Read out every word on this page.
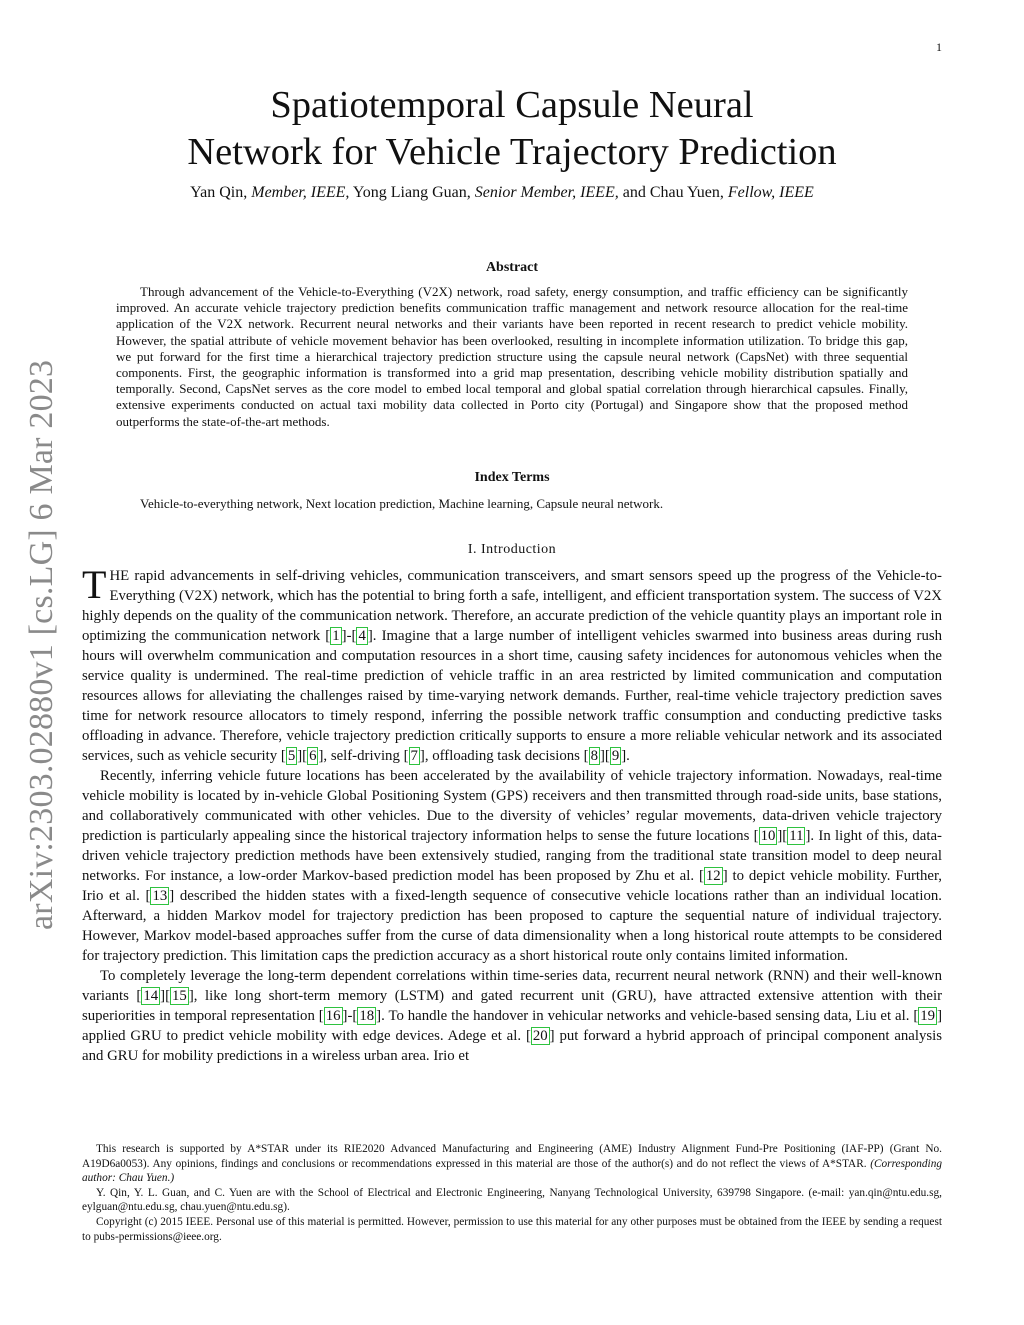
1
arXiv:2303.02880v1 [cs.LG] 6 Mar 2023
Spatiotemporal Capsule Neural
Network for Vehicle Trajectory Prediction
Yan Qin, Member, IEEE, Yong Liang Guan, Senior Member, IEEE, and Chau Yuen, Fellow, IEEE
Abstract
Through advancement of the Vehicle-to-Everything (V2X) network, road safety, energy consumption, and traffic efficiency can be significantly improved. An accurate vehicle trajectory prediction benefits communication traffic management and network resource allocation for the real-time application of the V2X network. Recurrent neural networks and their variants have been reported in recent research to predict vehicle mobility. However, the spatial attribute of vehicle movement behavior has been overlooked, resulting in incomplete information utilization. To bridge this gap, we put forward for the first time a hierarchical trajectory prediction structure using the capsule neural network (CapsNet) with three sequential components. First, the geographic information is transformed into a grid map presentation, describing vehicle mobility distribution spatially and temporally. Second, CapsNet serves as the core model to embed local temporal and global spatial correlation through hierarchical capsules. Finally, extensive experiments conducted on actual taxi mobility data collected in Porto city (Portugal) and Singapore show that the proposed method outperforms the state-of-the-art methods.
Index Terms
Vehicle-to-everything network, Next location prediction, Machine learning, Capsule neural network.
I. Introduction

THE rapid advancements in self-driving vehicles, communication transceivers, and smart sensors speed up the progress of the Vehicle-to-Everything (V2X) network, which has the potential to bring forth a safe, intelligent, and efficient transportation system. The success of V2X highly depends on the quality of the communication network. Therefore, an accurate prediction of the vehicle quantity plays an important role in optimizing the communication network [ 1 ]-[ 4 ]. Imagine that a large number of intelligent vehicles swarmed into business areas during rush hours will overwhelm communication and computation resources in a short time, causing safety incidences for autonomous vehicles when the service quality is undermined. The real-time prediction of vehicle traffic in an area restricted by limited communication and computation resources allows for alleviating the challenges raised by time-varying network demands. Further, real-time vehicle trajectory prediction saves time for network resource allocators to timely respond, inferring the possible network traffic consumption and conducting predictive tasks offloading in advance. Therefore, vehicle trajectory prediction critically supports to ensure a more reliable vehicular network and its associated services, such as vehicle security [ 5 ][ 6 ], self-driving [ 7 ], offloading task decisions [ 8 ][ 9 ].

Recently, inferring vehicle future locations has been accelerated by the availability of vehicle trajectory information. Nowadays, real-time vehicle mobility is located by in-vehicle Global Positioning System (GPS) receivers and then transmitted through road-side units, base stations, and collaboratively communicated with other vehicles. Due to the diversity of vehicles’ regular movements, data-driven vehicle trajectory prediction is particularly appealing since the historical trajectory information helps to sense the future locations [ 10 ][ 11 ]. In light of this, data-driven vehicle trajectory prediction methods have been extensively studied, ranging from the traditional state transition model to deep neural networks. For instance, a low-order Markov-based prediction model has been proposed by Zhu et al. [ 12 ] to depict vehicle mobility. Further, Irio et al. [ 13 ] described the hidden states with a fixed-length sequence of consecutive vehicle locations rather than an individual location. Afterward, a hidden Markov model for trajectory prediction has been proposed to capture the sequential nature of individual trajectory. However, Markov model-based approaches suffer from the curse of data dimensionality when a long historical route attempts to be considered for trajectory prediction. This limitation caps the prediction accuracy as a short historical route only contains limited information.

To completely leverage the long-term dependent correlations within time-series data, recurrent neural network (RNN) and their well-known variants [ 14 ][ 15 ], like long short-term memory (LSTM) and gated recurrent unit (GRU), have attracted extensive attention with their superiorities in temporal representation [ 16 ]-[ 18 ]. To handle the handover in vehicular networks and vehicle-based sensing data, Liu et al. [ 19 ] applied GRU to predict vehicle mobility with edge devices. Adege et al. [ 20 ] put forward a hybrid approach of principal component analysis and GRU for mobility predictions in a wireless urban area. Irio et

This research is supported by A*STAR under its RIE2020 Advanced Manufacturing and Engineering (AME) Industry Alignment Fund-Pre Positioning (IAF-PP) (Grant No. A19D6a0053). Any opinions, findings and conclusions or recommendations expressed in this material are those of the author(s) and do not reflect the views of A*STAR. (Corresponding author: Chau Yuen.)

Y. Qin, Y. L. Guan, and C. Yuen are with the School of Electrical and Electronic Engineering, Nanyang Technological University, 639798 Singapore. (e-mail: yan.qin@ntu.edu.sg, eylguan@ntu.edu.sg, chau.yuen@ntu.edu.sg).

Copyright (c) 2015 IEEE. Personal use of this material is permitted. However, permission to use this material for any other purposes must be obtained from the IEEE by sending a request to pubs-permissions@ieee.org.
